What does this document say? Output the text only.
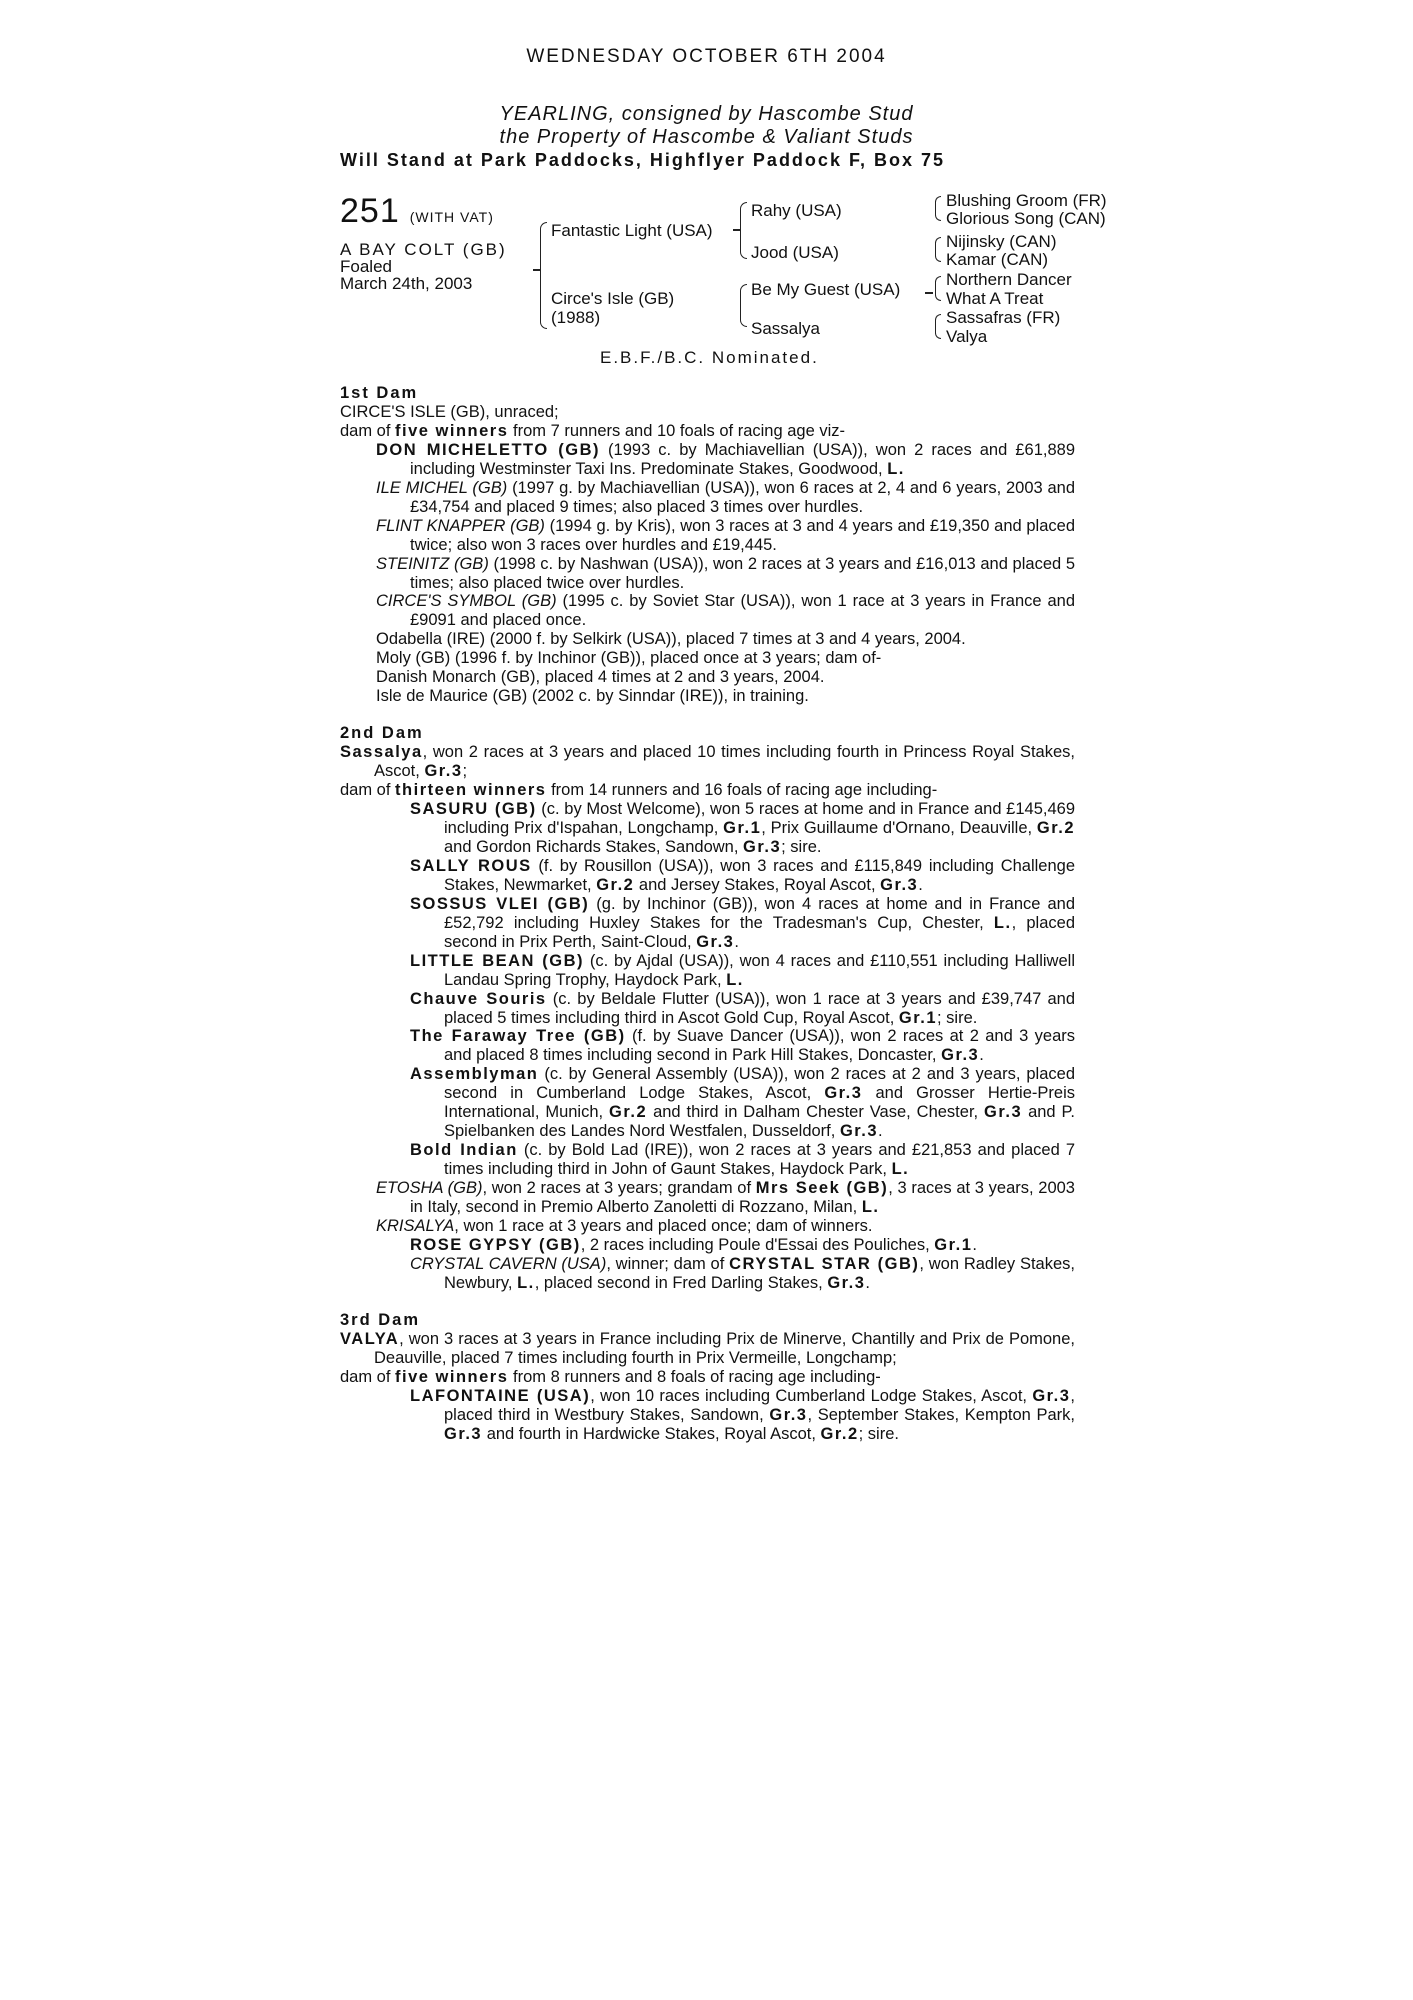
WEDNESDAY OCTOBER 6TH 2004
YEARLING, consigned by Hascombe Stud
the Property of Hascombe & Valiant Studs
Will Stand at Park Paddocks, Highflyer Paddock F, Box 75
251 (WITH VAT)
A BAY COLT (GB)
Foaled
March 24th, 2003
Fantastic Light (USA)
Circe's Isle (GB)
(1988)
Rahy (USA)
Jood (USA)
Be My Guest (USA)
Sassalya
Blushing Groom (FR)
Glorious Song (CAN)
Nijinsky (CAN)
Kamar (CAN)
Northern Dancer
What A Treat
Sassafras (FR)
Valya
E.B.F./B.C. Nominated.
1st Dam
CIRCE'S ISLE (GB), unraced;
dam of five winners from 7 runners and 10 foals of racing age viz-
DON MICHELETTO (GB) (1993 c. by Machiavellian (USA)), won 2 races and £61,889 including Westminster Taxi Ins. Predominate Stakes, Goodwood, L.
ILE MICHEL (GB) (1997 g. by Machiavellian (USA)), won 6 races at 2, 4 and 6 years, 2003 and £34,754 and placed 9 times; also placed 3 times over hurdles.
FLINT KNAPPER (GB) (1994 g. by Kris), won 3 races at 3 and 4 years and £19,350 and placed twice; also won 3 races over hurdles and £19,445.
STEINITZ (GB) (1998 c. by Nashwan (USA)), won 2 races at 3 years and £16,013 and placed 5 times; also placed twice over hurdles.
CIRCE'S SYMBOL (GB) (1995 c. by Soviet Star (USA)), won 1 race at 3 years in France and £9091 and placed once.
Odabella (IRE) (2000 f. by Selkirk (USA)), placed 7 times at 3 and 4 years, 2004.
Moly (GB) (1996 f. by Inchinor (GB)), placed once at 3 years; dam of-
Danish Monarch (GB), placed 4 times at 2 and 3 years, 2004.
Isle de Maurice (GB) (2002 c. by Sinndar (IRE)), in training.
2nd Dam
Sassalya, won 2 races at 3 years and placed 10 times including fourth in Princess Royal Stakes, Ascot, Gr.3;
dam of thirteen winners from 14 runners and 16 foals of racing age including-
SASURU (GB) (c. by Most Welcome), won 5 races at home and in France and £145,469 including Prix d'Ispahan, Longchamp, Gr.1, Prix Guillaume d'Ornano, Deauville, Gr.2 and Gordon Richards Stakes, Sandown, Gr.3; sire.
SALLY ROUS (f. by Rousillon (USA)), won 3 races and £115,849 including Challenge Stakes, Newmarket, Gr.2 and Jersey Stakes, Royal Ascot, Gr.3.
SOSSUS VLEI (GB) (g. by Inchinor (GB)), won 4 races at home and in France and £52,792 including Huxley Stakes for the Tradesman's Cup, Chester, L., placed second in Prix Perth, Saint-Cloud, Gr.3.
LITTLE BEAN (GB) (c. by Ajdal (USA)), won 4 races and £110,551 including Halliwell Landau Spring Trophy, Haydock Park, L.
Chauve Souris (c. by Beldale Flutter (USA)), won 1 race at 3 years and £39,747 and placed 5 times including third in Ascot Gold Cup, Royal Ascot, Gr.1; sire.
The Faraway Tree (GB) (f. by Suave Dancer (USA)), won 2 races at 2 and 3 years and placed 8 times including second in Park Hill Stakes, Doncaster, Gr.3.
Assemblyman (c. by General Assembly (USA)), won 2 races at 2 and 3 years, placed second in Cumberland Lodge Stakes, Ascot, Gr.3 and Grosser Hertie-Preis International, Munich, Gr.2 and third in Dalham Chester Vase, Chester, Gr.3 and P. Spielbanken des Landes Nord Westfalen, Dusseldorf, Gr.3.
Bold Indian (c. by Bold Lad (IRE)), won 2 races at 3 years and £21,853 and placed 7 times including third in John of Gaunt Stakes, Haydock Park, L.
ETOSHA (GB), won 2 races at 3 years; grandam of Mrs Seek (GB), 3 races at 3 years, 2003 in Italy, second in Premio Alberto Zanoletti di Rozzano, Milan, L.
KRISALYA, won 1 race at 3 years and placed once; dam of winners.
ROSE GYPSY (GB), 2 races including Poule d'Essai des Pouliches, Gr.1.
CRYSTAL CAVERN (USA), winner; dam of CRYSTAL STAR (GB), won Radley Stakes, Newbury, L., placed second in Fred Darling Stakes, Gr.3.
3rd Dam
VALYA, won 3 races at 3 years in France including Prix de Minerve, Chantilly and Prix de Pomone, Deauville, placed 7 times including fourth in Prix Vermeille, Longchamp;
dam of five winners from 8 runners and 8 foals of racing age including-
LAFONTAINE (USA), won 10 races including Cumberland Lodge Stakes, Ascot, Gr.3, placed third in Westbury Stakes, Sandown, Gr.3, September Stakes, Kempton Park, Gr.3 and fourth in Hardwicke Stakes, Royal Ascot, Gr.2; sire.
